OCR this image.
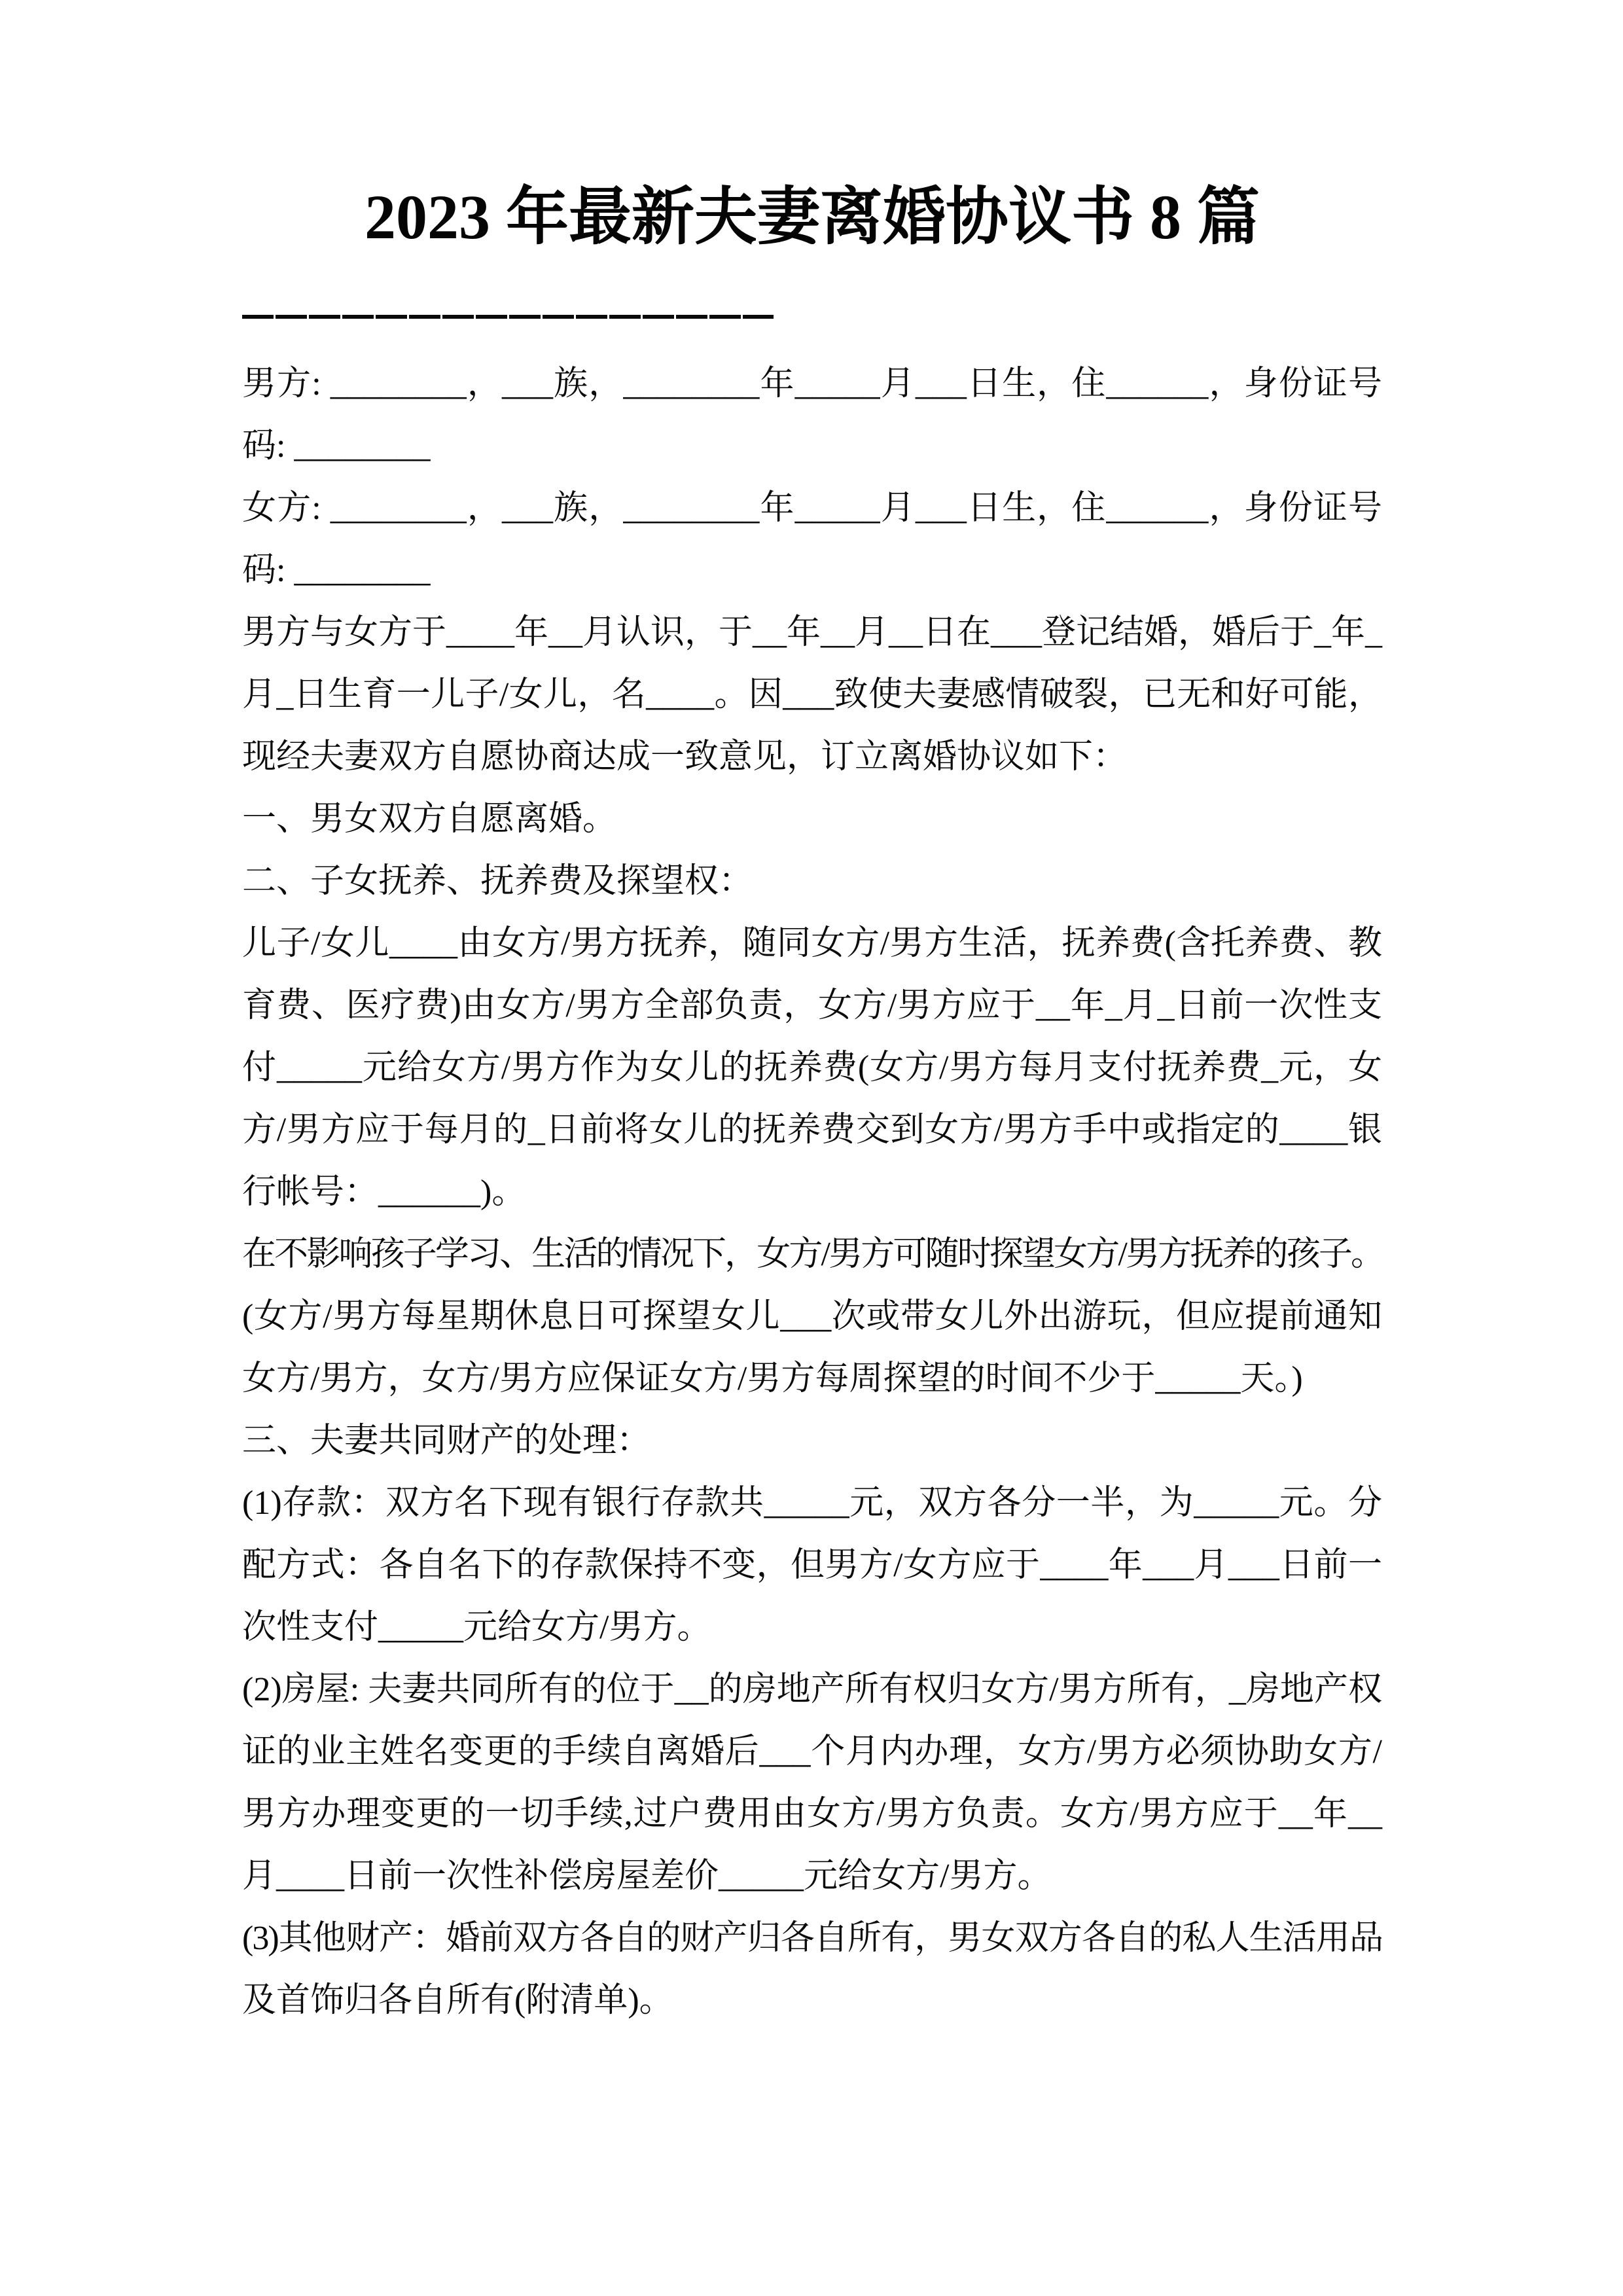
2023 年最新夫妻离婚协议书 8 篇
男方: ________，___族，________年_____月___日生，住______，身份证号
码: ________
女方: ________，___族，________年_____月___日生，住______，身份证号
码: ________
男方与女方于____年__月认识，于__年__月__日在___登记结婚，婚后于_年_
月_日生育一儿子/女儿，名____。因___致使夫妻感情破裂，已无和好可能，
现经夫妻双方自愿协商达成一致意见，订立离婚协议如下：
一、男女双方自愿离婚。
二、子女抚养、抚养费及探望权：
儿子/女儿____由女方/男方抚养，随同女方/男方生活，抚养费(含托养费、教
育费、医疗费)由女方/男方全部负责，女方/男方应于__年_月_日前一次性支
付_____元给女方/男方作为女儿的抚养费(女方/男方每月支付抚养费_元，女
方/男方应于每月的_日前将女儿的抚养费交到女方/男方手中或指定的____银
行帐号：______)。
在不影响孩子学习、生活的情况下，女方/男方可随时探望女方/男方抚养的孩子。
(女方/男方每星期休息日可探望女儿___次或带女儿外出游玩，但应提前通知
女方/男方，女方/男方应保证女方/男方每周探望的时间不少于_____天。)
三、夫妻共同财产的处理：
(1)存款：双方名下现有银行存款共_____元，双方各分一半，为_____元。分
配方式：各自名下的存款保持不变，但男方/女方应于____年___月___日前一
次性支付_____元给女方/男方。
(2)房屋: 夫妻共同所有的位于__的房地产所有权归女方/男方所有，_房地产权
证的业主姓名变更的手续自离婚后___个月内办理，女方/男方必须协助女方/
男方办理变更的一切手续,过户费用由女方/男方负责。女方/男方应于__年__
月____日前一次性补偿房屋差价_____元给女方/男方。
(3)其他财产：婚前双方各自的财产归各自所有，男女双方各自的私人生活用品
及首饰归各自所有(附清单)。
